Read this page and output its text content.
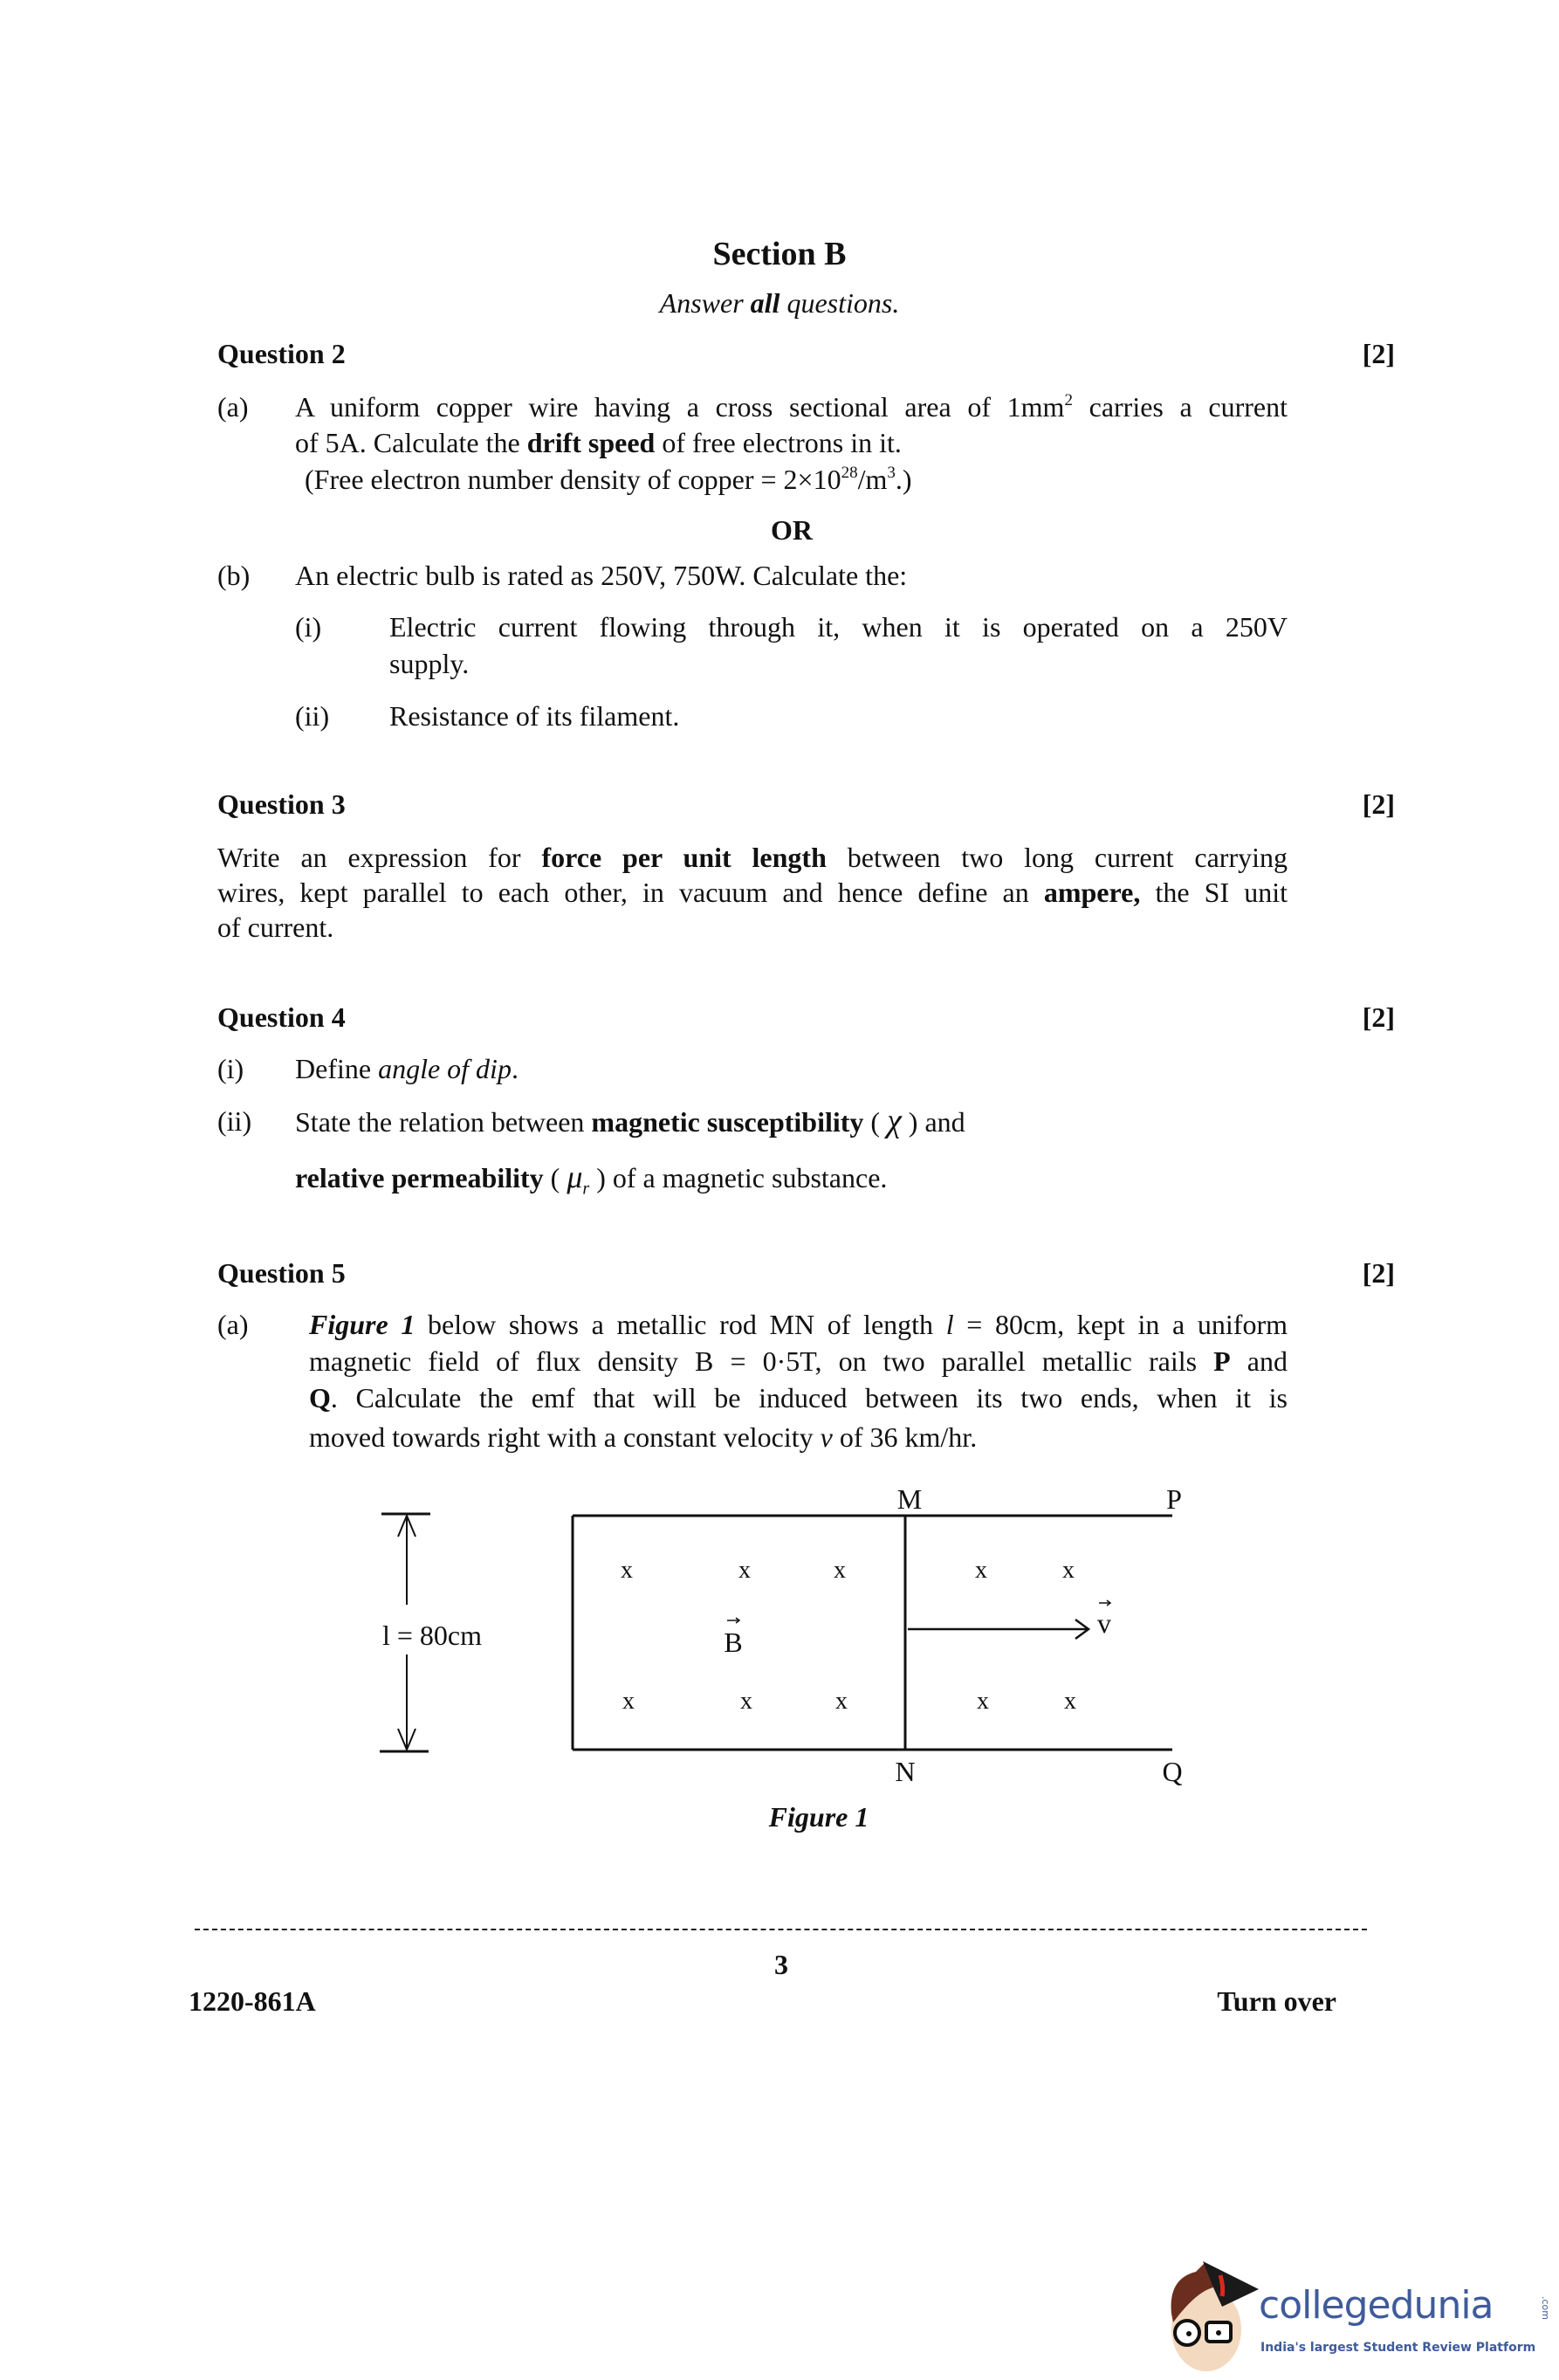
Section B
Answer all questions.
Question 2	[2]
(a) A uniform copper wire having a cross sectional area of $1mm^2$ carries a current
of 5A. Calculate the drift speed of free electrons in it.
(Free electron number density of copper = $2\times 10^{28}/m^3$.)
OR
(b) An electric bulb is rated as 250V, 750W. Calculate the:
(i) Electric current flowing through it, when it is operated on a 250V
supply.
(ii) Resistance of its filament.
Question 3	[2]
Write an expression for force per unit length between two long current carrying
wires, kept parallel to each other, in vacuum and hence define an ampere, the SI unit
of current.
Question 4	[2]
(i) Define angle of dip.
(ii) State the relation between magnetic susceptibility ( χ ) and
relative permeability ( $\mu_r$ ) of a magnetic substance.
Question 5	[2]
(a) Figure 1 below shows a metallic rod MN of length l = 80cm, kept in a uniform
magnetic field of flux density B = 0·5T, on two parallel metallic rails P and
Q. Calculate the emf that will be induced between its two ends, when it is
moved towards right with a constant velocity v of 36 km/hr.
M	P
N	Q
l = 80cm	B
v
x	x	x	x	x
x	x	x	x	x
Figure 1
3
1220-861A	Turn over
collegedunia	.com
India's largest Student Review Platform
